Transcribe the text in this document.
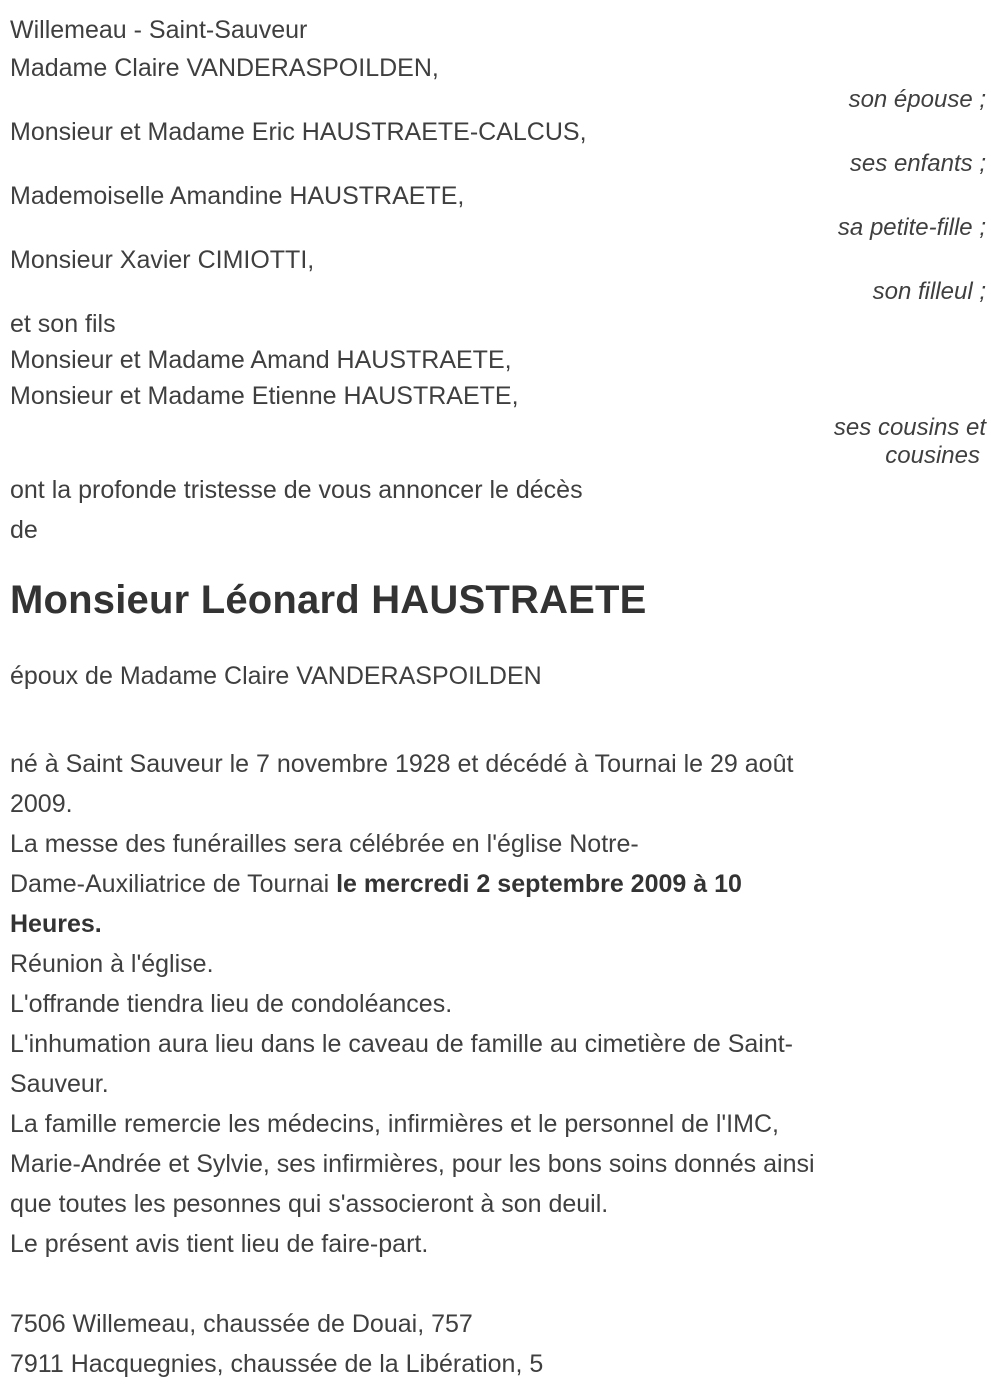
Willemeau - Saint-Sauveur
Madame Claire VANDERASPOILDEN,
son épouse ;
Monsieur et Madame Eric HAUSTRAETE-CALCUS,
ses enfants ;
Mademoiselle Amandine HAUSTRAETE,
sa petite-fille ;
Monsieur Xavier CIMIOTTI,
son filleul ;
et son fils
Monsieur et Madame Amand HAUSTRAETE,
Monsieur et Madame Etienne HAUSTRAETE,
ses cousins et
cousines
ont la profonde tristesse de vous annoncer le décès
de
Monsieur Léonard HAUSTRAETE
époux de Madame Claire VANDERASPOILDEN
né à Saint Sauveur le 7 novembre 1928 et décédé à Tournai le 29 août
2009.
La messe des funérailles sera célébrée en l'église Notre-
Dame-Auxiliatrice de Tournai le mercredi 2 septembre 2009 à 10
Heures.
Réunion à l'église.
L'offrande tiendra lieu de condoléances.
L'inhumation aura lieu dans le caveau de famille au cimetière de Saint-
Sauveur.
La famille remercie les médecins, infirmières et le personnel de l'IMC,
Marie-Andrée et Sylvie, ses infirmières, pour les bons soins donnés ainsi
que toutes les pesonnes qui s'associeront à son deuil.
Le présent avis tient lieu de faire-part.
7506 Willemeau, chaussée de Douai, 757
7911 Hacquegnies, chaussée de la Libération, 5
